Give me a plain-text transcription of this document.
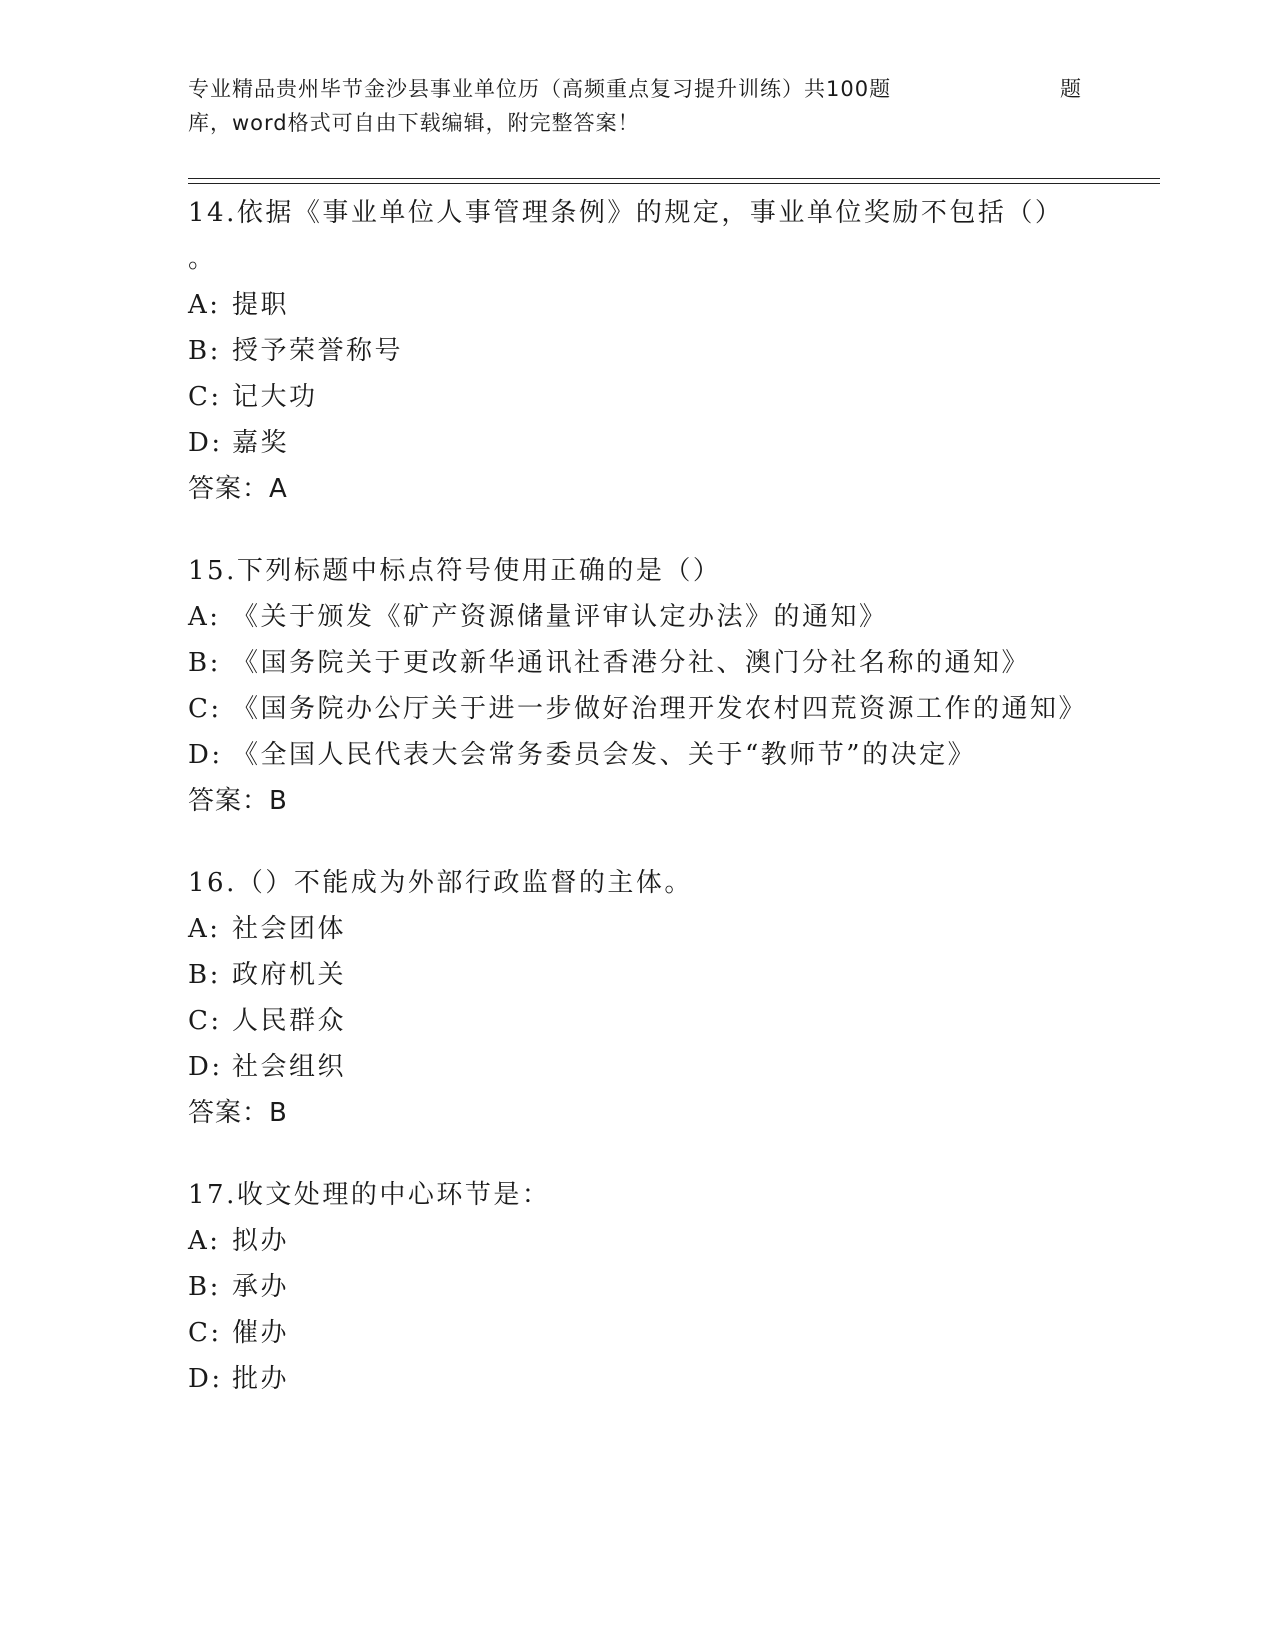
专业精品贵州毕节金沙县事业单位历（高频重点复习提升训练）共100题	题
库，word格式可自由下载编辑，附完整答案！
14.依据《事业单位人事管理条例》的规定，事业单位奖励不包括（）
。
A: 提职
B: 授予荣誉称号
C: 记大功
D: 嘉奖
答案：A
15.下列标题中标点符号使用正确的是（）
A: 《关于颁发《矿产资源储量评审认定办法》的通知》
B: 《国务院关于更改新华通讯社香港分社、澳门分社名称的通知》
C: 《国务院办公厅关于进一步做好治理开发农村四荒资源工作的通知》
D: 《全国人民代表大会常务委员会发、关于“教师节”的决定》
答案：B
16.（）不能成为外部行政监督的主体。
A: 社会团体
B: 政府机关
C: 人民群众
D: 社会组织
答案：B
17.收文处理的中心环节是：
A: 拟办
B: 承办
C: 催办
D: 批办
